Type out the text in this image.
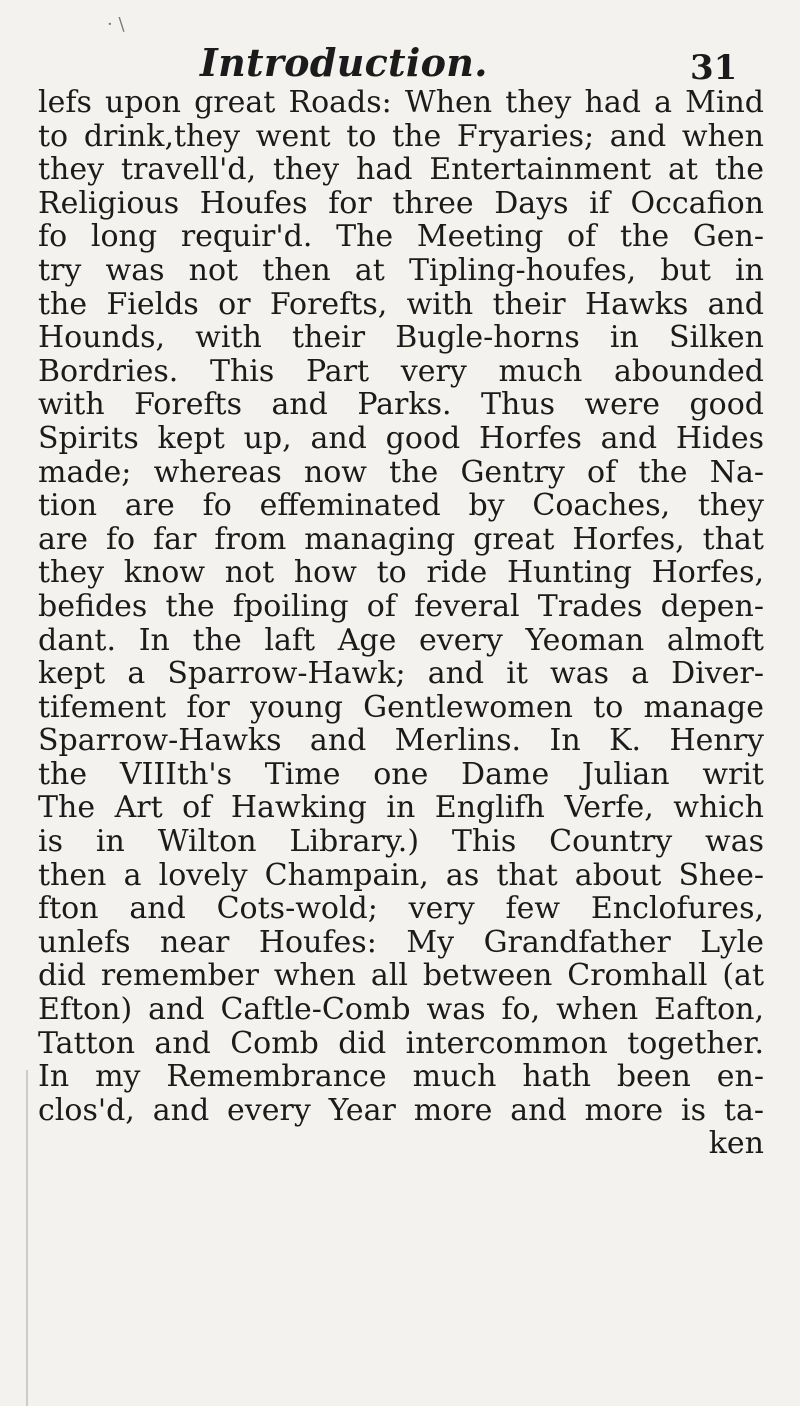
· \
Introduction.	31
lefs upon great Roads: When they had a Mind
to drink,they went to the Fryaries; and when
they travell'd, they had Entertainment at the
Religious Houfes for three Days if Occafion
fo long requir'd. The Meeting of the Gen-
try was not then at Tipling-houfes, but in
the Fields or Forefts, with their Hawks and
Hounds, with their Bugle-horns in Silken
Bordries. This Part very much abounded
with Forefts and Parks. Thus were good
Spirits kept up, and good Horfes and Hides
made; whereas now the Gentry of the Na-
tion are fo effeminated by Coaches, they
are fo far from managing great Horfes, that
they know not how to ride Hunting Horfes,
befides the fpoiling of feveral Trades depen-
dant. In the laft Age every Yeoman almoft
kept a Sparrow-Hawk; and it was a Diver-
tifement for young Gentlewomen to manage
Sparrow-Hawks and Merlins. In K. Henry
the VIIIth's Time one Dame Julian writ
The Art of Hawking in Englifh Verfe, which
is in Wilton Library.) This Country was
then a lovely Champain, as that about Shee-
fton and Cots-wold; very few Enclofures,
unlefs near Houfes: My Grandfather Lyle
did remember when all between Cromhall (at
Efton) and Caftle-Comb was fo, when Eafton,
Tatton and Comb did intercommon together.
In my Remembrance much hath been en-
clos'd, and every Year more and more is ta-
ken
